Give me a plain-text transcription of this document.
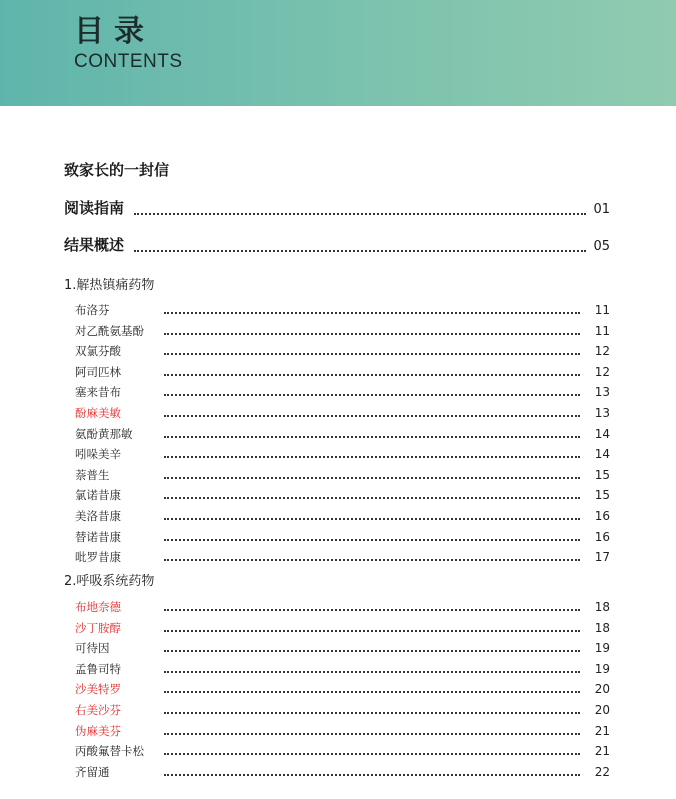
目录
CONTENTS
致家长的一封信
阅读指南	01
结果概述	05
1.解热镇痛药物
布洛芬	11
对乙酰氨基酚	11
双氯芬酸	12
阿司匹林	12
塞来昔布	13
酚麻美敏	13
氨酚黄那敏	14
吲哚美辛	14
萘普生	15
氯诺昔康	15
美洛昔康	16
替诺昔康	16
吡罗昔康	17
2.呼吸系统药物
布地奈德	18
沙丁胺醇	18
可待因	19
孟鲁司特	19
沙美特罗	20
右美沙芬	20
伪麻美芬	21
丙酸氟替卡松	21
齐留通	22
